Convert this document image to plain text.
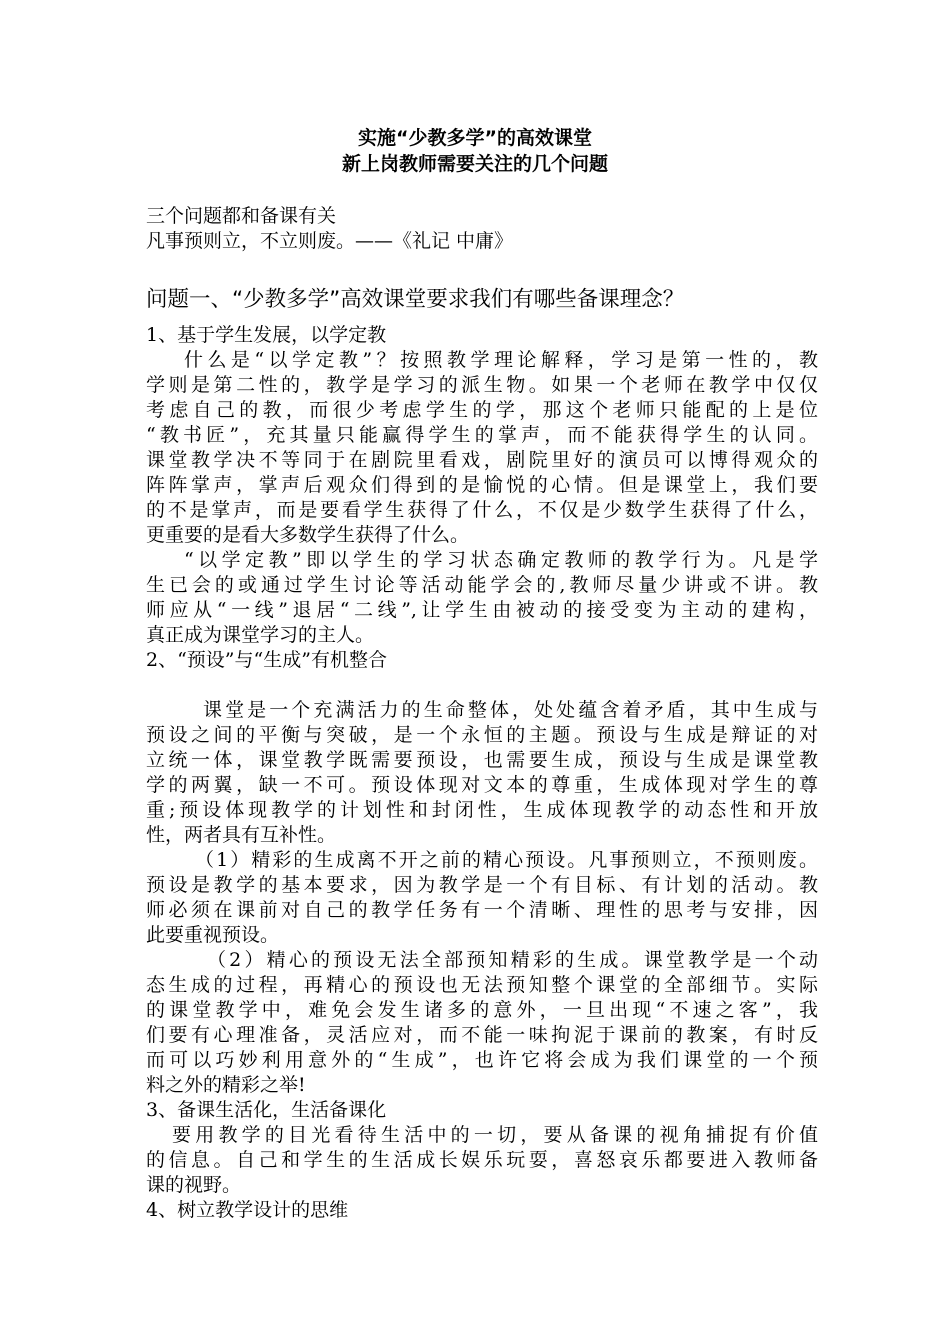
实施“少教多学”的高效课堂
新上岗教师需要关注的几个问题
三个问题都和备课有关
凡事预则立，不立则废。——《礼记 中庸》
问题一、“少教多学”高效课堂要求我们有哪些备课理念？
1、基于学生发展，以学定教
什么是“以学定教”？按照教学理论解释，学习是第一性的，教
学则是第二性的，教学是学习的派生物。如果一个老师在教学中仅仅
考虑自己的教，而很少考虑学生的学，那这个老师只能配的上是位
“教书匠”，充其量只能赢得学生的掌声，而不能获得学生的认同。
课堂教学决不等同于在剧院里看戏，剧院里好的演员可以博得观众的
阵阵掌声，掌声后观众们得到的是愉悦的心情。但是课堂上，我们要
的不是掌声，而是要看学生获得了什么，不仅是少数学生获得了什么，
更重要的是看大多数学生获得了什么。
“以学定教”即以学生的学习状态确定教师的教学行为。凡是学
生已会的或通过学生讨论等活动能学会的,教师尽量少讲或不讲。教
师应从“一线”退居“二线”,让学生由被动的接受变为主动的建构，
真正成为课堂学习的主人。
2、“预设”与“生成”有机整合
课堂是一个充满活力的生命整体，处处蕴含着矛盾，其中生成与
预设之间的平衡与突破，是一个永恒的主题。预设与生成是辩证的对
立统一体，课堂教学既需要预设，也需要生成，预设与生成是课堂教
学的两翼，缺一不可。预设体现对文本的尊重，生成体现对学生的尊
重;预设体现教学的计划性和封闭性，生成体现教学的动态性和开放
性，两者具有互补性。
（1）精彩的生成离不开之前的精心预设。凡事预则立，不预则废。
预设是教学的基本要求，因为教学是一个有目标、有计划的活动。教
师必须在课前对自己的教学任务有一个清晰、理性的思考与安排，因
此要重视预设。
（2）精心的预设无法全部预知精彩的生成。课堂教学是一个动
态生成的过程，再精心的预设也无法预知整个课堂的全部细节。实际
的课堂教学中，难免会发生诸多的意外，一旦出现“不速之客”，我
们要有心理准备，灵活应对，而不能一味拘泥于课前的教案，有时反
而可以巧妙利用意外的“生成”，也许它将会成为我们课堂的一个预
料之外的精彩之举!
3、备课生活化，生活备课化
要用教学的目光看待生活中的一切，要从备课的视角捕捉有价值
的信息。自己和学生的生活成长娱乐玩耍，喜怒哀乐都要进入教师备
课的视野。
4、树立教学设计的思维
